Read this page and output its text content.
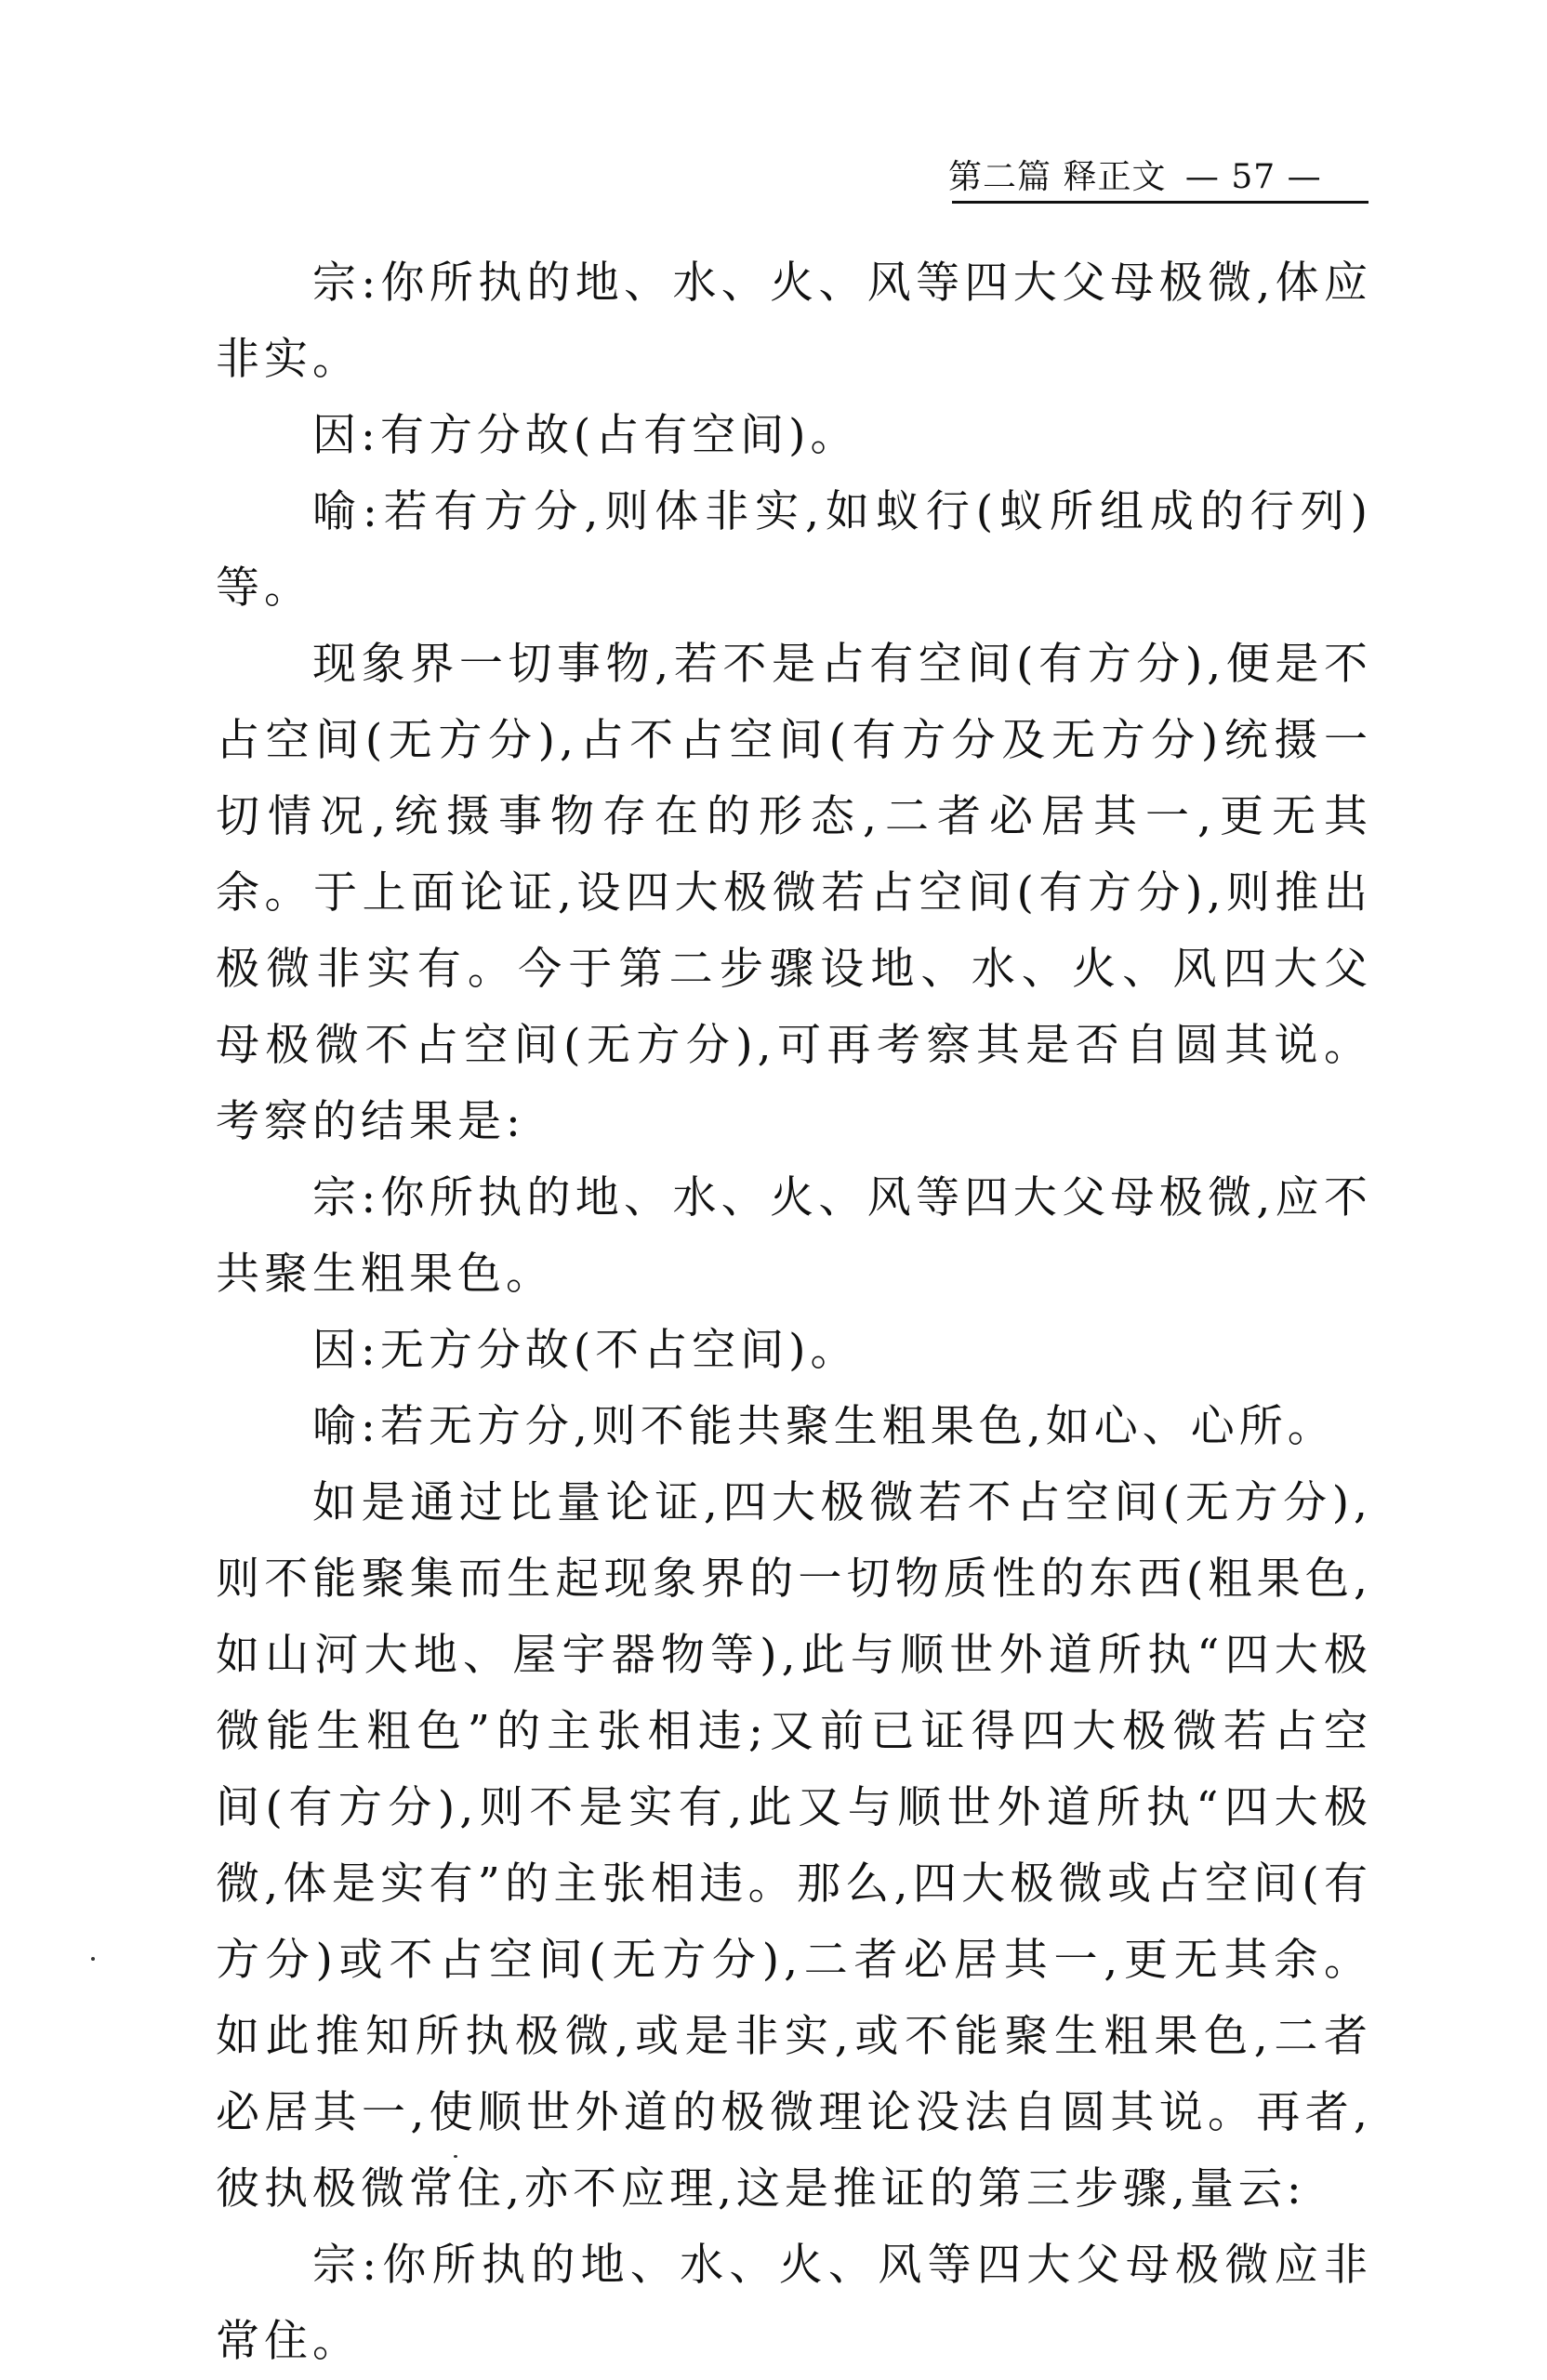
第二篇 释正文 — 57 —

宗:你所执的地、水、火、风等四大父母极微,体应非实。

因:有方分故(占有空间)。

喻:若有方分,则体非实,如蚁行(蚁所组成的行列)等。

现象界一切事物,若不是占有空间(有方分),便是不占空间(无方分),占不占空间(有方分及无方分)统摄一切情况,统摄事物存在的形态,二者必居其一,更无其余。于上面论证,设四大极微若占空间(有方分),则推出极微非实有。今于第二步骤设地、水、火、风四大父母极微不占空间(无方分),可再考察其是否自圆其说。考察的结果是:

宗:你所执的地、水、火、风等四大父母极微,应不共聚生粗果色。

因:无方分故(不占空间)。

喻:若无方分,则不能共聚生粗果色,如心、心所。

如是通过比量论证,四大极微若不占空间(无方分),则不能聚集而生起现象界的一切物质性的东西(粗果色,如山河大地、屋宇器物等),此与顺世外道所执“四大极微能生粗色”的主张相违;又前已证得四大极微若占空间(有方分),则不是实有,此又与顺世外道所执“四大极微,体是实有”的主张相违。那么,四大极微或占空间(有方分)或不占空间(无方分),二者必居其一,更无其余。如此推知所执极微,或是非实,或不能聚生粗果色,二者必居其一,使顺世外道的极微理论没法自圆其说。再者,彼执极微常住,亦不应理,这是推证的第三步骤,量云:

宗:你所执的地、水、火、风等四大父母极微应非常住。
